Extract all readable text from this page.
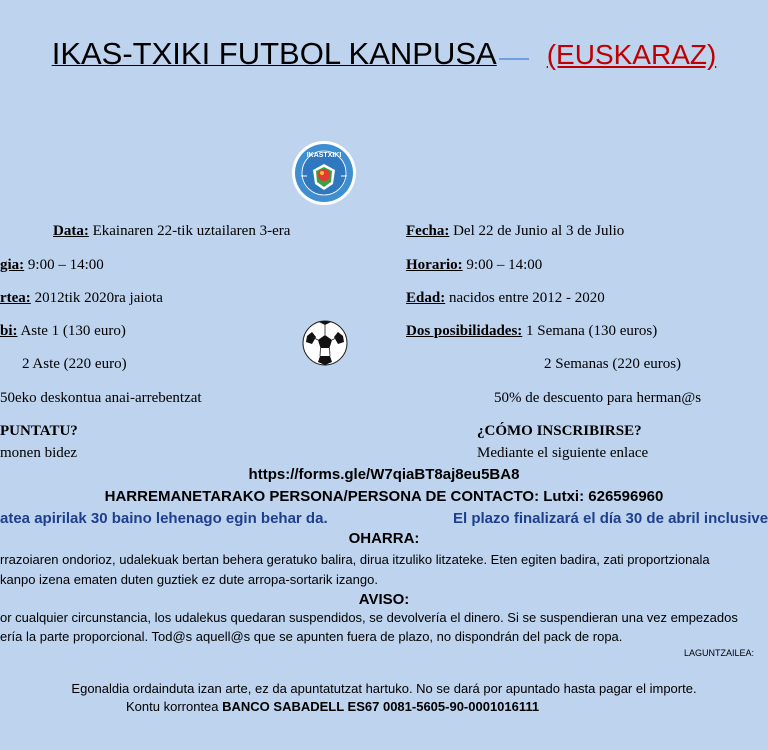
IKAS-TXIKI FUTBOL KANPUSA (EUSKARAZ)
IKASTXIKI
Data: Ekainaren 22-tik uztailaren 3-era
gia: 9:00 – 14:00
rtea: 2012tik 2020ra jaiota
bi: Aste 1 (130 euro)
2 Aste (220 euro)
50eko deskontua anai-arrebentzat
PUNTATU?
monen bidez
Fecha: Del 22 de Junio al 3 de Julio
Horario: 9:00 – 14:00
Edad: nacidos entre 2012 - 2020
Dos posibilidades: 1 Semana (130 euros)
2 Semanas (220 euros)
50% de descuento para herman@s
¿CÓMO INSCRIBIRSE?
Mediante el siguiente enlace
https://forms.gle/W7qiaBT8aj8eu5BA8
HARREMANETARAKO PERSONA/PERSONA DE CONTACTO: Lutxi: 626596960
atea apirilak 30 baino lehenago egin behar da.	El plazo finalizará el día 30 de abril inclusive
OHARRA:
rrazoiaren ondorioz, udalekuak bertan behera geratuko balira, dirua itzuliko litzateke. Eten egiten badira, zati proportzionala
kanpo izena ematen duten guztiek ez dute arropa-sortarik izango.
AVISO:
or cualquier circunstancia, los udalekus quedaran suspendidos, se devolvería el dinero. Si se suspendieran una vez empezados
ería la parte proporcional. Tod@s aquell@s que se apunten fuera de plazo, no dispondrán del pack de ropa.
LAGUNTZAILEA:
Egonaldia ordainduta izan arte, ez da apuntatutzat hartuko. No se dará por apuntado hasta pagar el importe.
Kontu korrontea BANCO SABADELL ES67 0081-5605-90-0001016111
